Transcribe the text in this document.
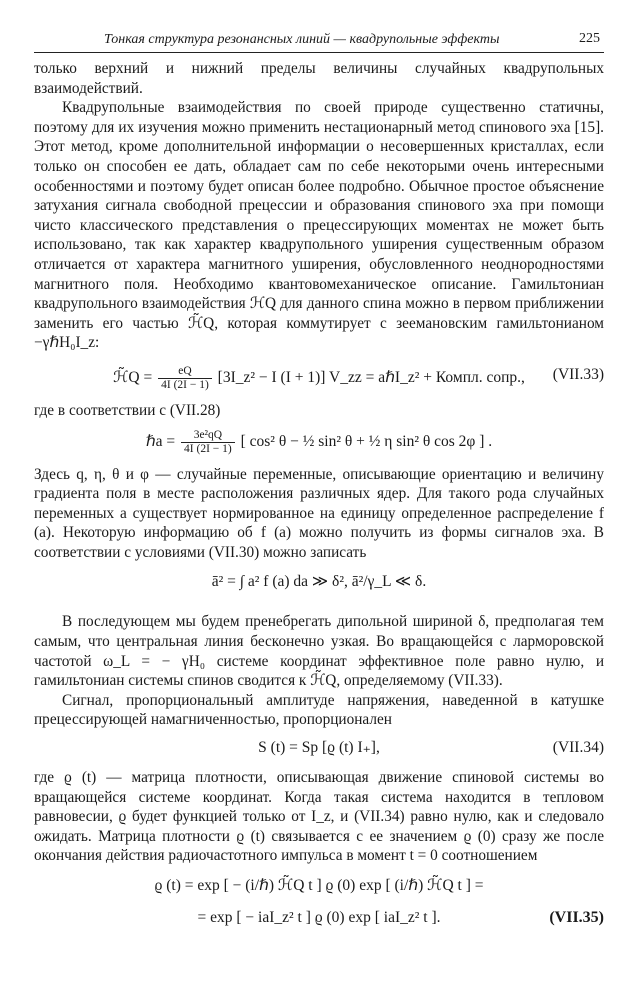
Тонкая структура резонансных линий — квадрупольные эффекты	225

только верхний и нижний пределы величины случайных квадрупольных взаимодействий.

Квадрупольные взаимодействия по своей природе существенно статичны, поэтому для их изучения можно применить нестационарный метод спинового эха [15]. Этот метод, кроме дополнительной информации о несовершенных кристаллах, если только он способен ее дать, обладает сам по себе некоторыми очень интересными особенностями и поэтому будет описан более подробно. Обычное простое объяснение затухания сигнала свободной прецессии и образования спинового эха при помощи чисто классического представления о прецессирующих моментах не может быть использовано, так как характер квадрупольного уширения существенным образом отличается от характера магнитного уширения, обусловленного неоднородностями магнитного поля. Необходимо квантовомеханическое описание. Гамильтониан квадрупольного взаимодействия ℋQ для данного спина можно в первом приближении заменить его частью ℋ̃Q, которая коммутирует с зеемановским гамильтонианом −γℏH₀I_z:

ℋ̃Q = $\frac{eQ}{4I (2I - 1)}$ [3I_z² − I (I + 1)] V_zz = aℏI_z² + Компл. сопр., (VII.33)

где в соответствии с (VII.28)

ℏa = $\frac{\text{3e²qQ}}{4I (2I - 1)}$ [ cos² θ − ½ sin² θ + ½ η sin² θ cos 2φ ] .

Здесь q, η, θ и φ — случайные переменные, описывающие ориентацию и величину градиента поля в месте расположения различных ядер. Для такого рода случайных переменных a существует нормированное на единицу определенное распределение f (a). Некоторую информацию об f (a) можно получить из формы сигналов эха. В соответствии с условиями (VII.30) можно записать

ā² = ∫ a² f (a) da ≫ δ², ā²/γ_L ≪ δ.

В последующем мы будем пренебрегать дипольной шириной δ, предполагая тем самым, что центральная линия бесконечно узкая. Во вращающейся с ларморовской частотой ω_L = − γH₀ системе координат эффективное поле равно нулю, и гамильтониан системы спинов сводится к ℋ̃Q, определяемому (VII.33).

Сигнал, пропорциональный амплитуде напряжения, наведенной в катушке прецессирующей намагниченностью, пропорционален

S (t) = Sp [ϱ (t) I₊],	(VII.34)

где ϱ (t) — матрица плотности, описывающая движение спиновой системы во вращающейся системе координат. Когда такая система находится в тепловом равновесии, ϱ будет функцией только от I_z, и (VII.34) равно нулю, как и следовало ожидать. Матрица плотности ϱ (t) связывается с ее значением ϱ (0) сразу же после окончания действия радиочастотного импульса в момент t = 0 соотношением

ϱ (t) = exp [ − (i/ℏ) ℋ̃Q t ] ϱ (0) exp [ (i/ℏ) ℋ̃Q t ] =
= exp [ − iaI_z² t ] ϱ (0) exp [ iaI_z² t ].	(VII.35)
